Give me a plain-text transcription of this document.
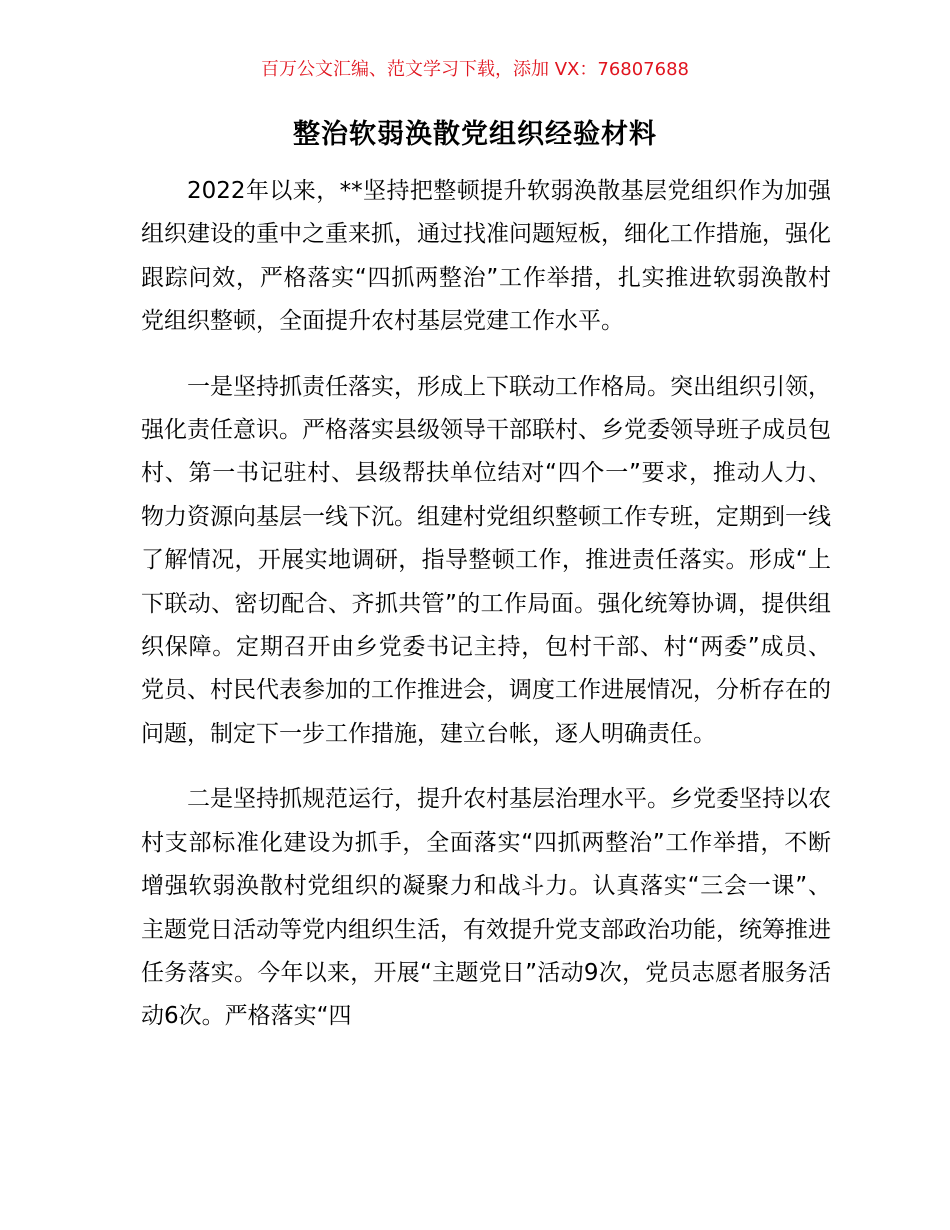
百万公文汇编、范文学习下载，添加 VX：76807688
整治软弱涣散党组织经验材料

2022年以来，**坚持把整顿提升软弱涣散基层党组织作为加强组织建设的重中之重来抓，通过找准问题短板，细化工作措施，强化跟踪问效，严格落实“四抓两整治”工作举措，扎实推进软弱涣散村党组织整顿，全面提升农村基层党建工作水平。

一是坚持抓责任落实，形成上下联动工作格局。突出组织引领，强化责任意识。严格落实县级领导干部联村、乡党委领导班子成员包村、第一书记驻村、县级帮扶单位结对“四个一”要求，推动人力、物力资源向基层一线下沉。组建村党组织整顿工作专班，定期到一线了解情况，开展实地调研，指导整顿工作，推进责任落实。形成“上下联动、密切配合、齐抓共管”的工作局面。强化统筹协调，提供组织保障。定期召开由乡党委书记主持，包村干部、村“两委”成员、党员、村民代表参加的工作推进会，调度工作进展情况，分析存在的问题，制定下一步工作措施，建立台帐，逐人明确责任。

二是坚持抓规范运行，提升农村基层治理水平。乡党委坚持以农村支部标准化建设为抓手，全面落实“四抓两整治”工作举措，不断增强软弱涣散村党组织的凝聚力和战斗力。认真落实“三会一课”、主题党日活动等党内组织生活，有效提升党支部政治功能，统筹推进任务落实。今年以来，开展“主题党日”活动9次，党员志愿者服务活动6次。严格落实“四
